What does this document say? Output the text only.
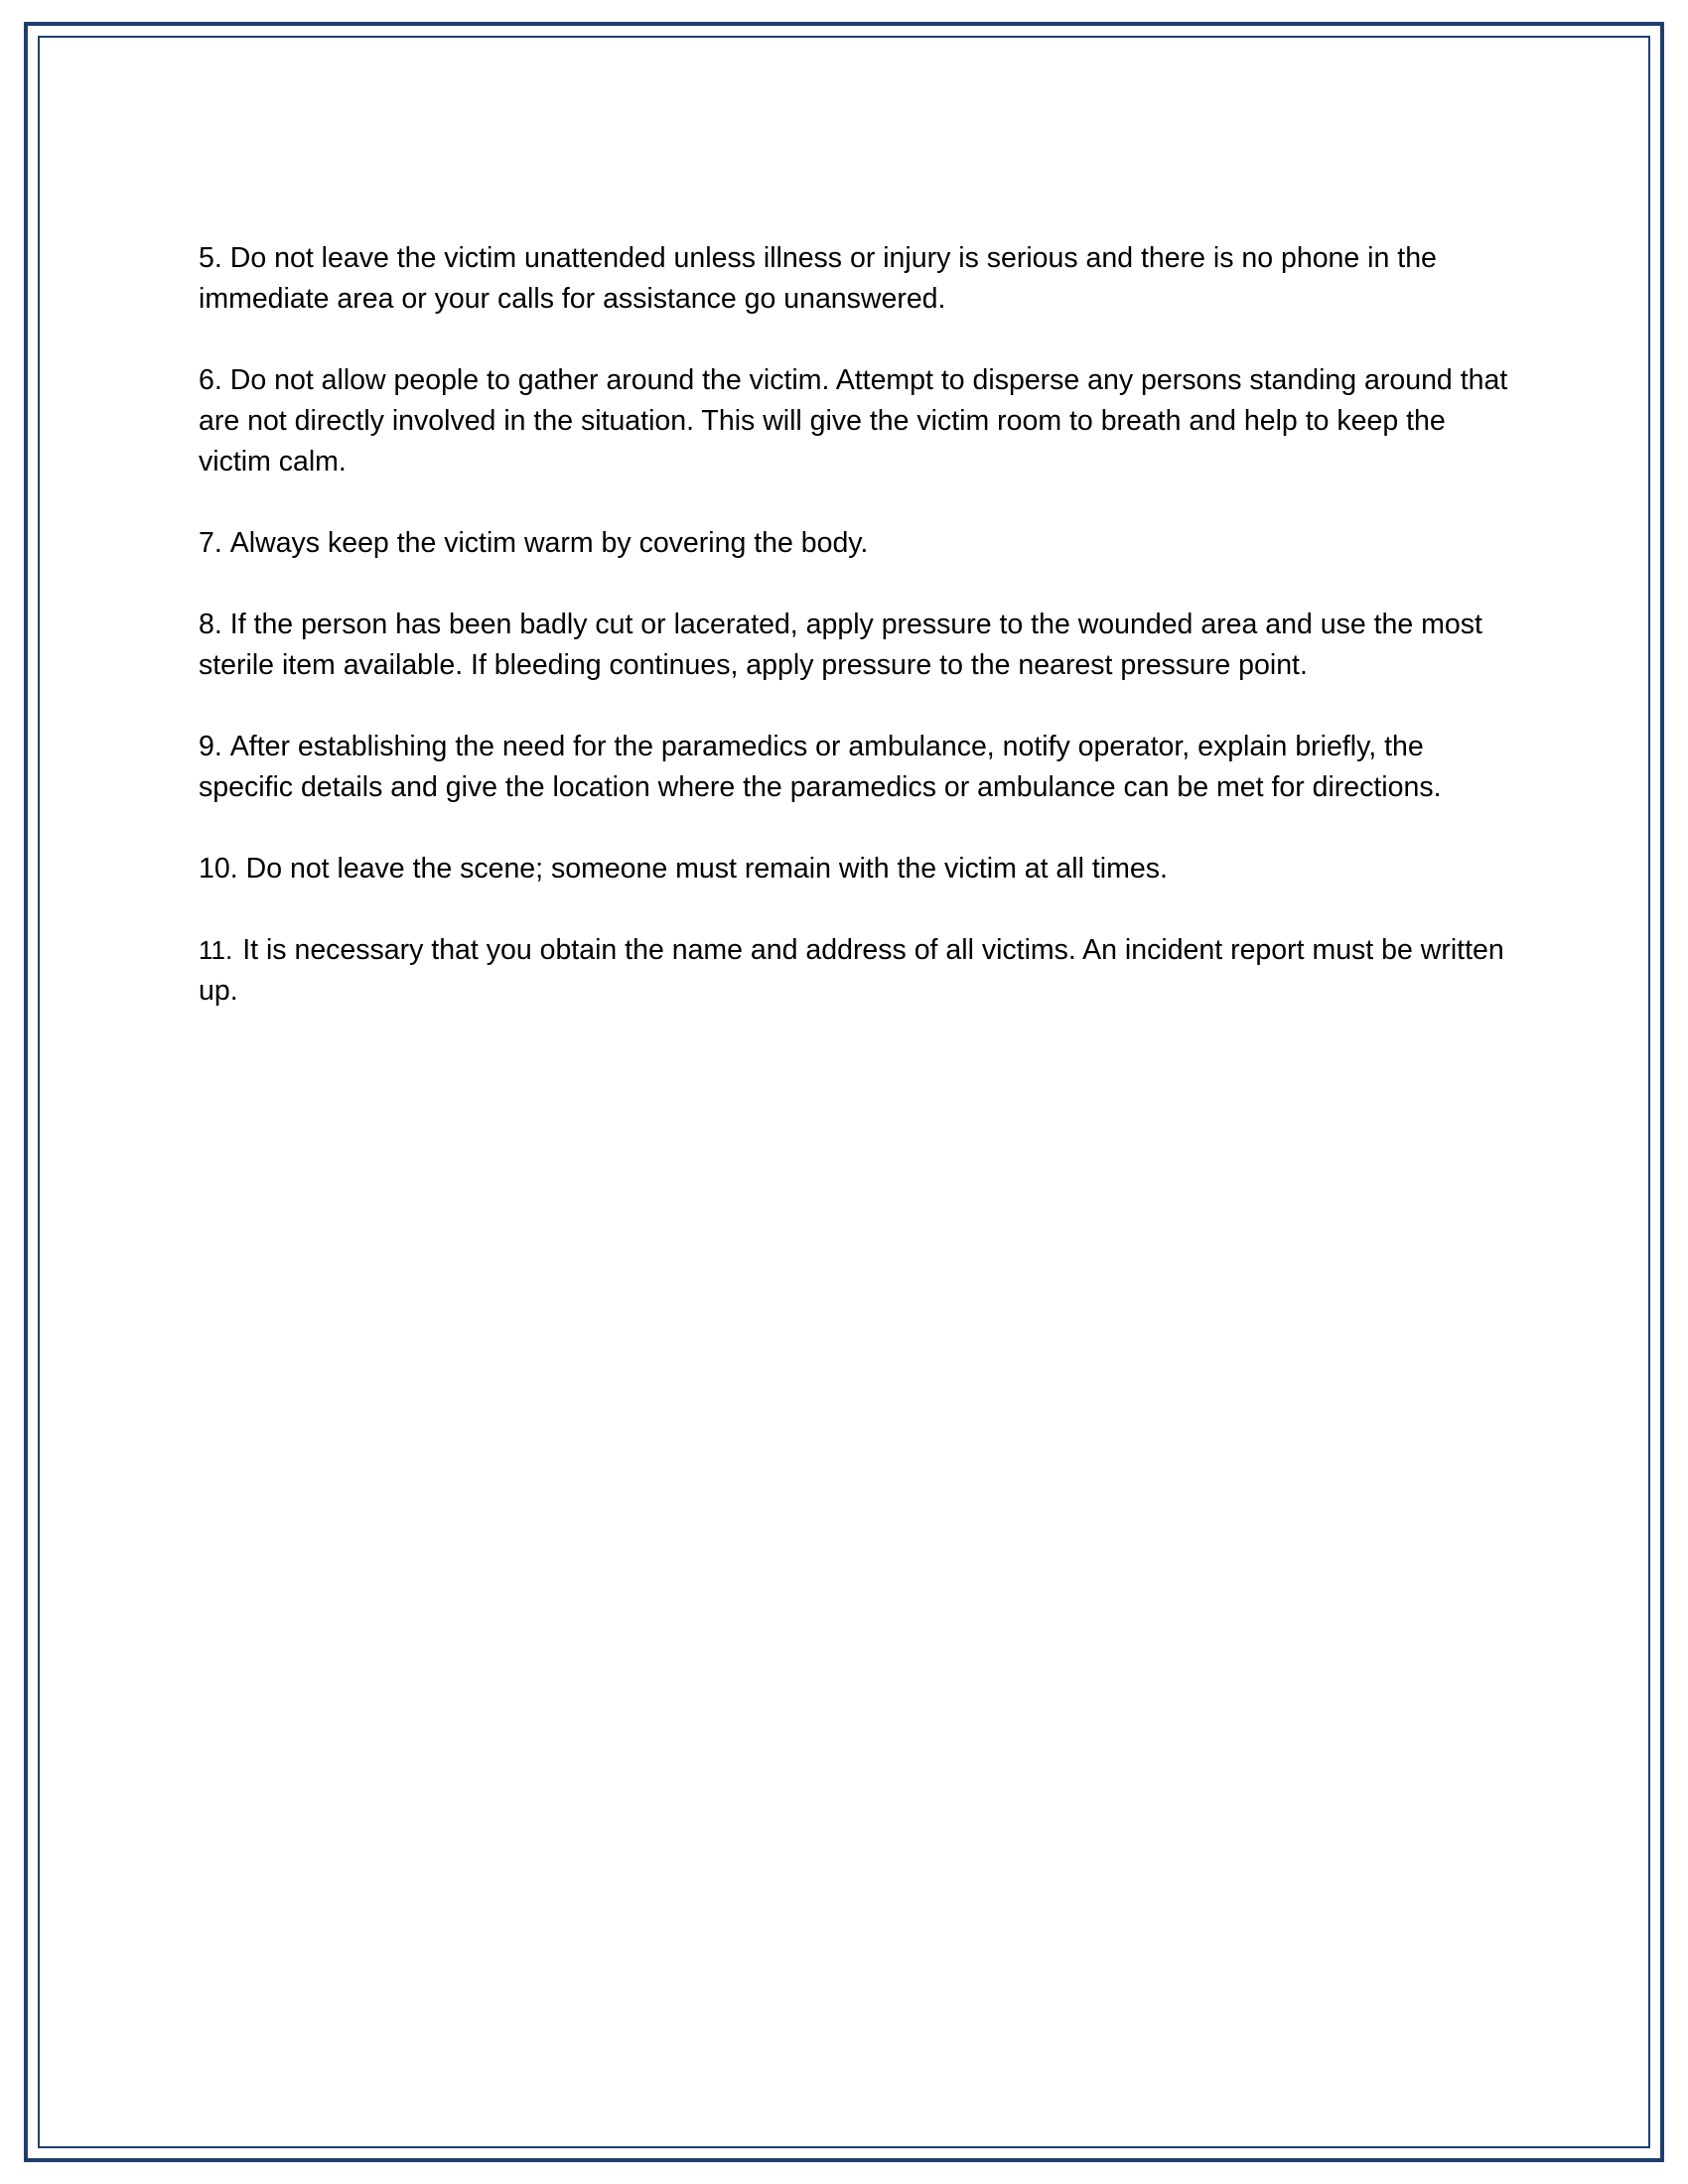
5. Do not leave the victim unattended unless illness or injury is serious and there is no phone in the immediate area or your calls for assistance go unanswered.

6. Do not allow people to gather around the victim. Attempt to disperse any persons standing around that are not directly involved in the situation. This will give the victim room to breath and help to keep the victim calm.

7. Always keep the victim warm by covering the body.

8. If the person has been badly cut or lacerated, apply pressure to the wounded area and use the most sterile item available. If bleeding continues, apply pressure to the nearest pressure point.

9. After establishing the need for the paramedics or ambulance, notify operator, explain briefly, the specific details and give the location where the paramedics or ambulance can be met for directions.

10. Do not leave the scene; someone must remain with the victim at all times.

11. It is necessary that you obtain the name and address of all victims. An incident report must be written up.
